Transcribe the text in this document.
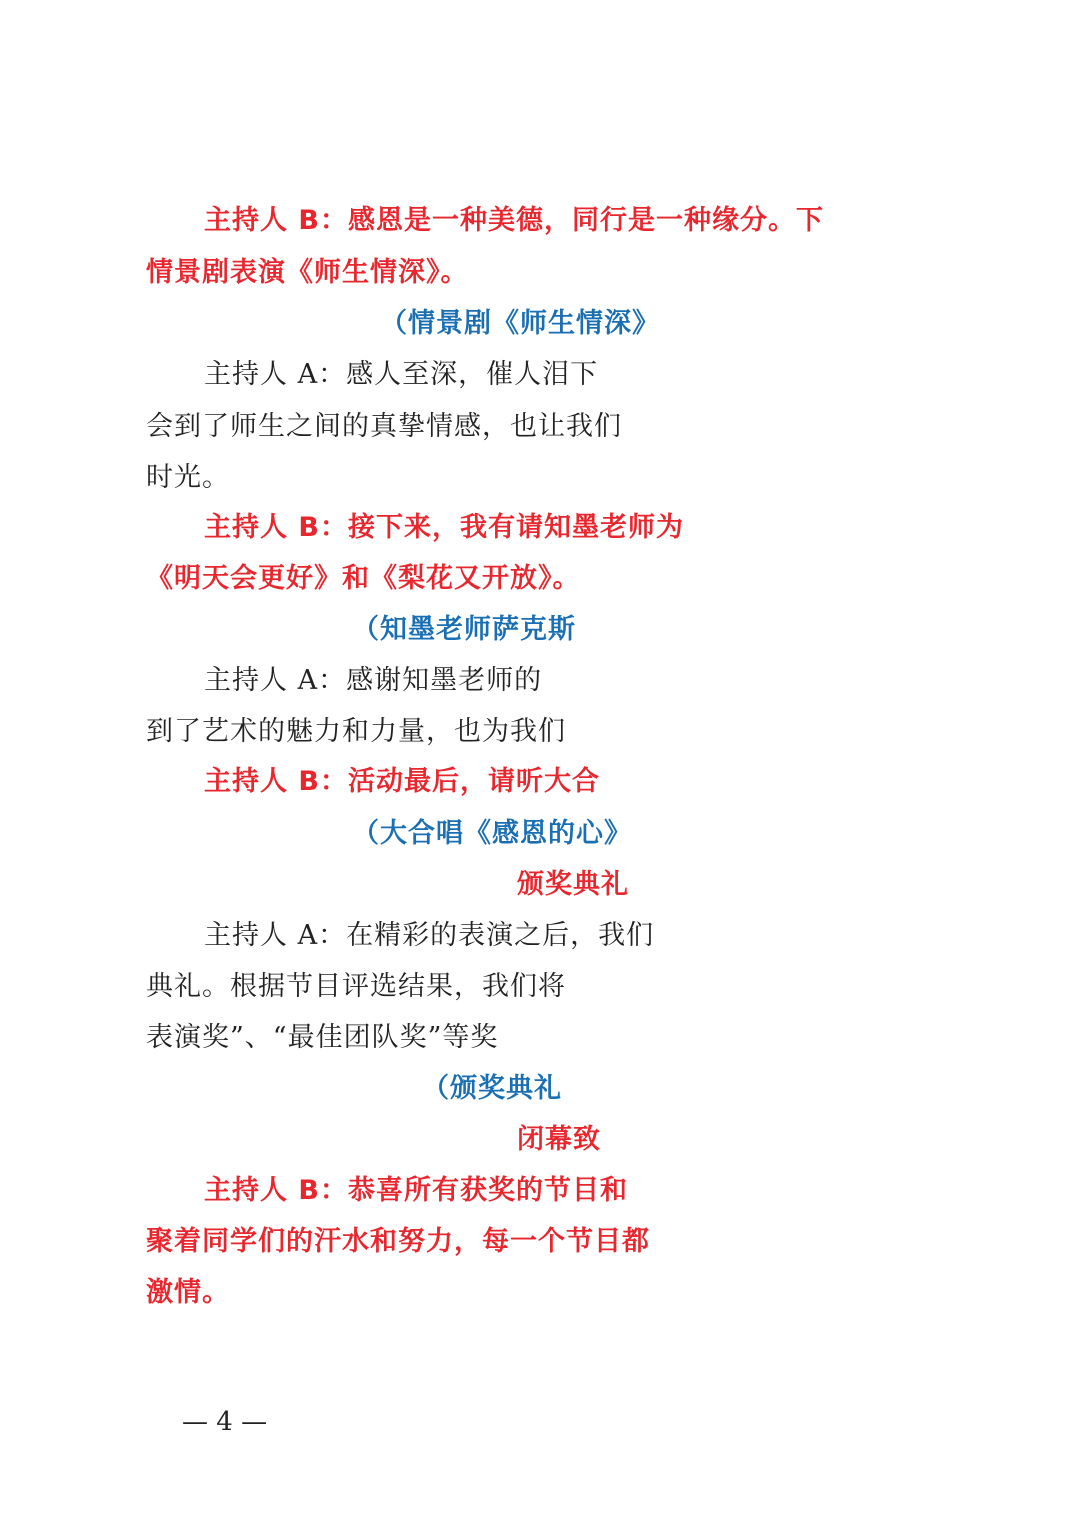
主持人 B：感恩是一种美德，同行是一种缘分。下
情景剧表演《师生情深》。
（情景剧《师生情深》
主持人 A：感人至深，催人泪下
会到了师生之间的真挚情感，也让我们
时光。
主持人 B：接下来，我有请知墨老师为
《明天会更好》和《梨花又开放》。
（知墨老师萨克斯
主持人 A：感谢知墨老师的
到了艺术的魅力和力量，也为我们
主持人 B：活动最后，请听大合
（大合唱《感恩的心》
颁奖典礼
主持人 A：在精彩的表演之后，我们
典礼。根据节目评选结果，我们将
表演奖”、“最佳团队奖”等奖
（颁奖典礼
闭幕致
主持人 B：恭喜所有获奖的节目和
聚着同学们的汗水和努力，每一个节目都
激情。
— 4 —
